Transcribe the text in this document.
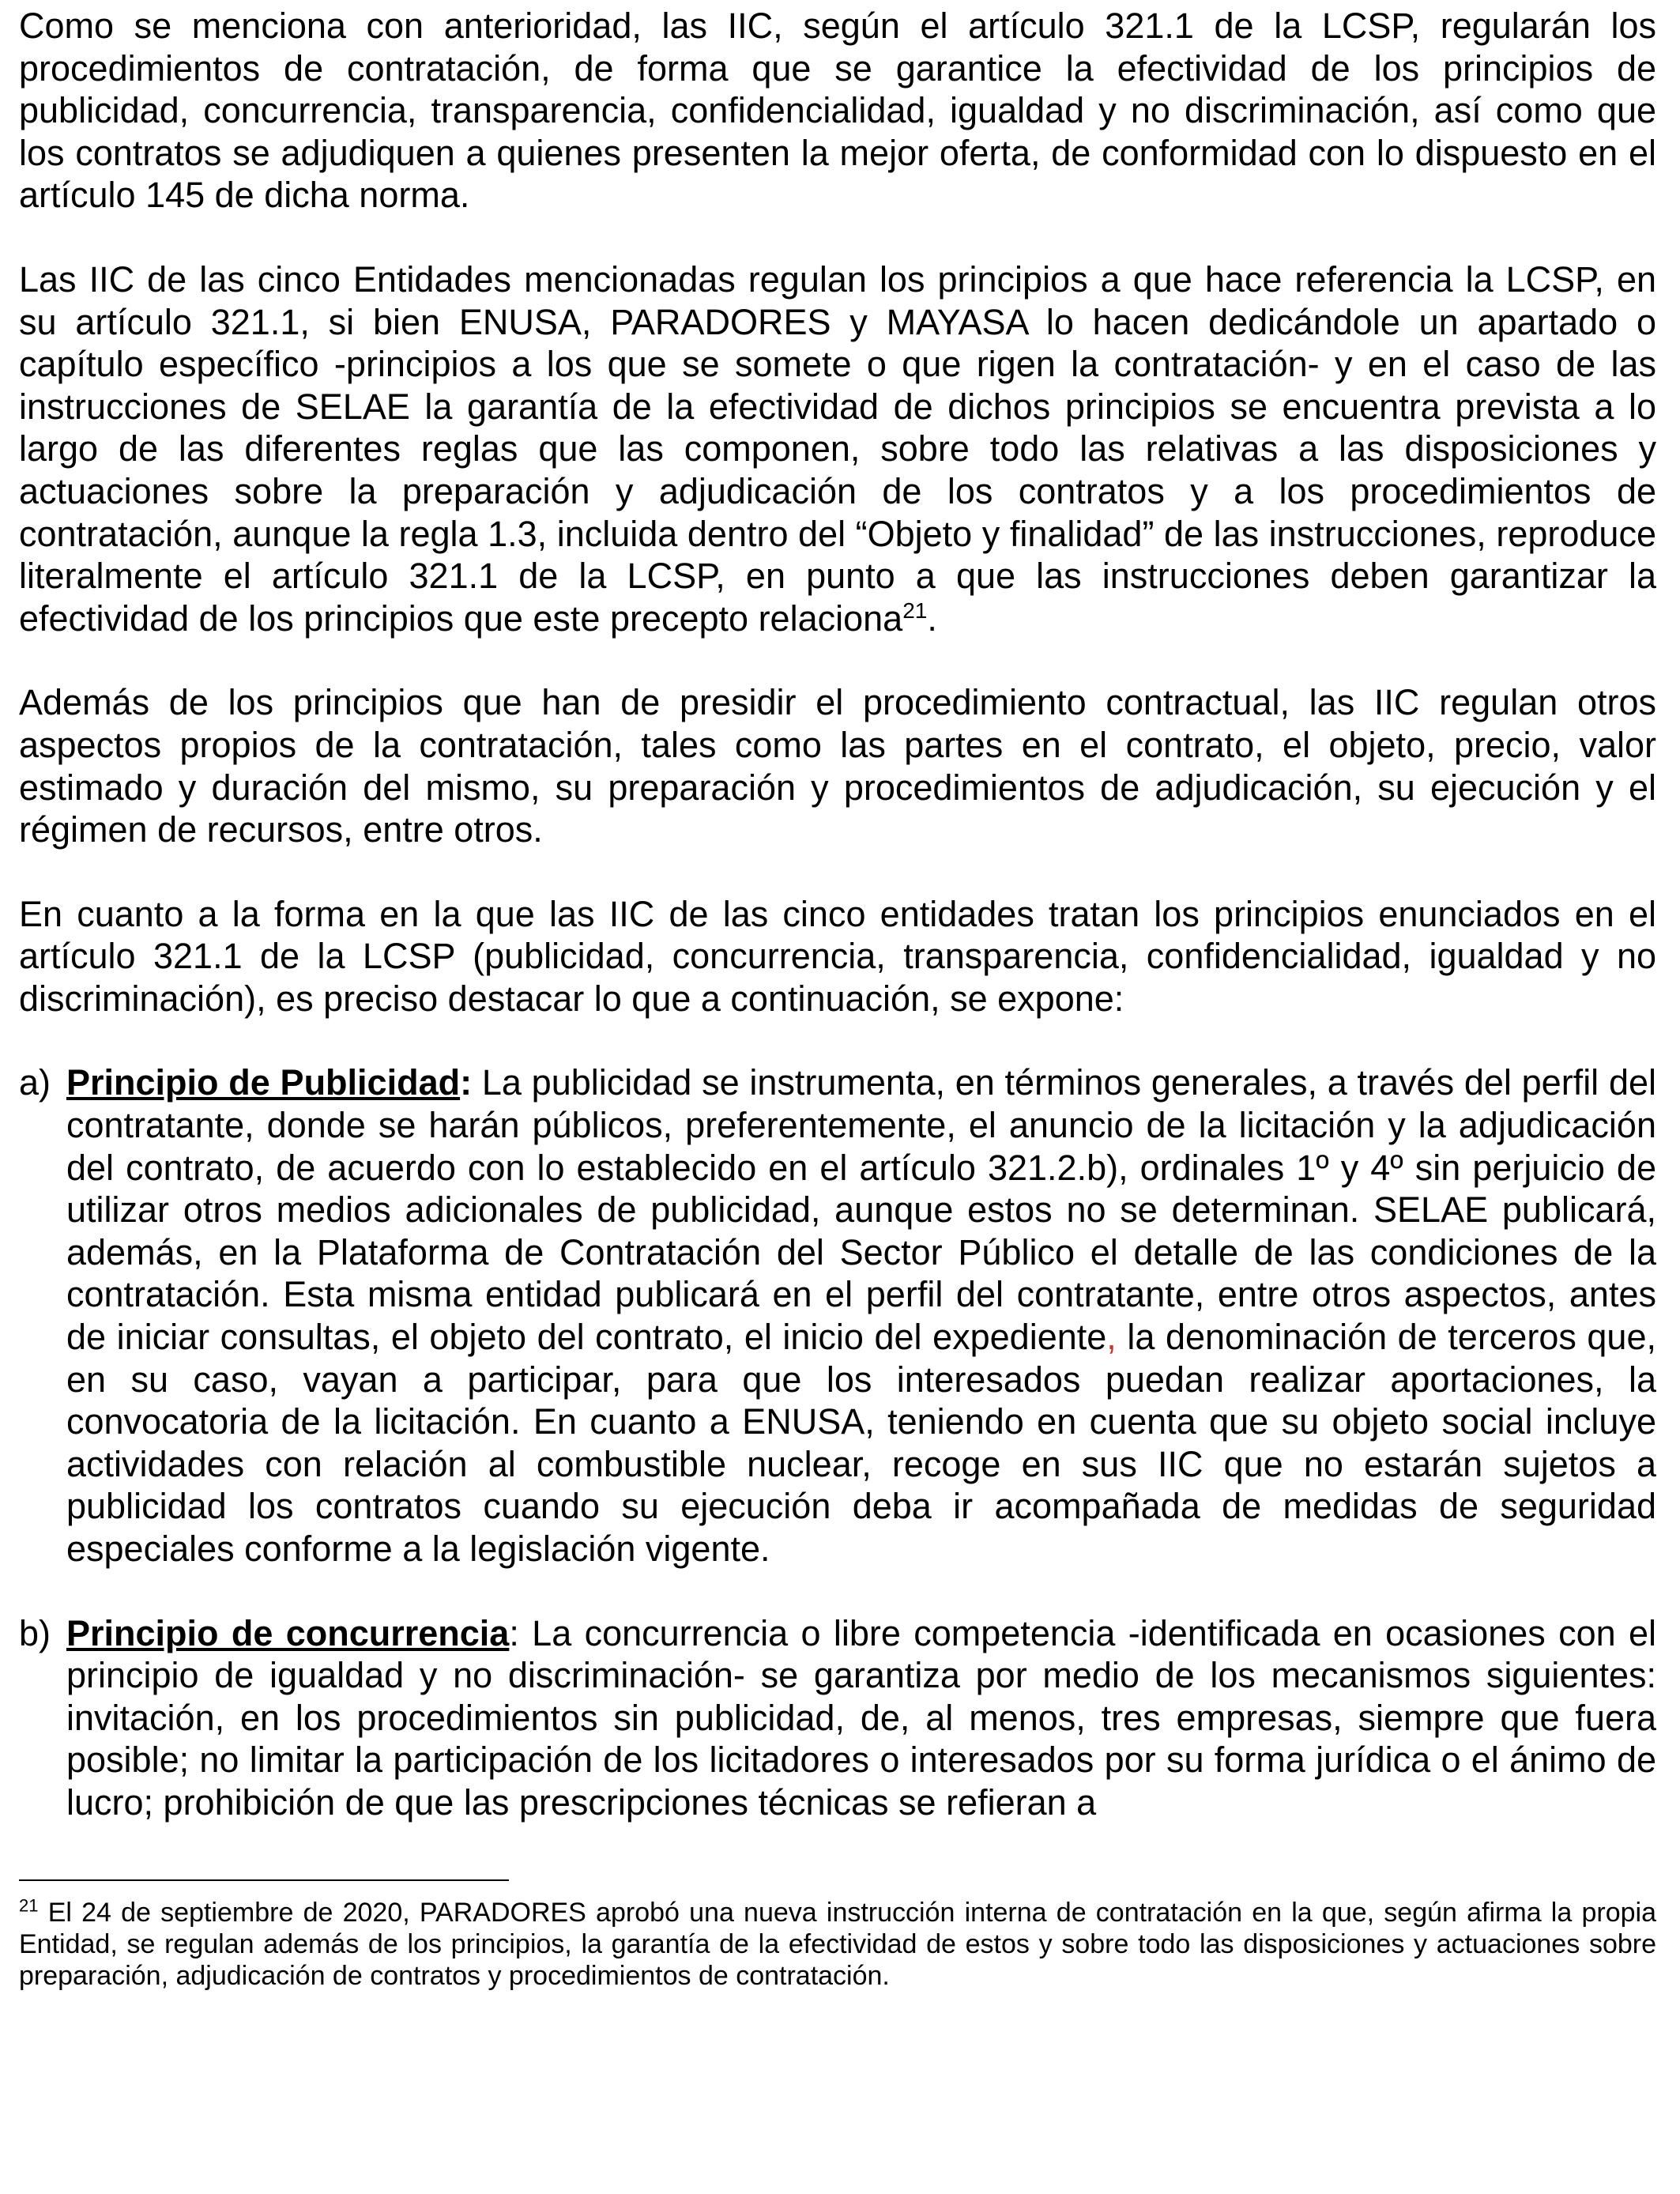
Como se menciona con anterioridad, las IIC, según el artículo 321.1 de la LCSP, regularán los procedimientos de contratación, de forma que se garantice la efectividad de los principios de publicidad, concurrencia, transparencia, confidencialidad, igualdad y no discriminación, así como que los contratos se adjudiquen a quienes presenten la mejor oferta, de conformidad con lo dispuesto en el artículo 145 de dicha norma.

Las IIC de las cinco Entidades mencionadas regulan los principios a que hace referencia la LCSP, en su artículo 321.1, si bien ENUSA, PARADORES y MAYASA lo hacen dedicándole un apartado o capítulo específico -principios a los que se somete o que rigen la contratación- y en el caso de las instrucciones de SELAE la garantía de la efectividad de dichos principios se encuentra prevista a lo largo de las diferentes reglas que las componen, sobre todo las relativas a las disposiciones y actuaciones sobre la preparación y adjudicación de los contratos y a los procedimientos de contratación, aunque la regla 1.3, incluida dentro del “Objeto y finalidad” de las instrucciones, reproduce literalmente el artículo 321.1 de la LCSP, en punto a que las instrucciones deben garantizar la efectividad de los principios que este precepto relaciona$^{21}$.

Además de los principios que han de presidir el procedimiento contractual, las IIC regulan otros aspectos propios de la contratación, tales como las partes en el contrato, el objeto, precio, valor estimado y duración del mismo, su preparación y procedimientos de adjudicación, su ejecución y el régimen de recursos, entre otros.

En cuanto a la forma en la que las IIC de las cinco entidades tratan los principios enunciados en el artículo 321.1 de la LCSP (publicidad, concurrencia, transparencia, confidencialidad, igualdad y no discriminación), es preciso destacar lo que a continuación, se expone:

a) Principio de Publicidad: La publicidad se instrumenta, en términos generales, a través del perfil del contratante, donde se harán públicos, preferentemente, el anuncio de la licitación y la adjudicación del contrato, de acuerdo con lo establecido en el artículo 321.2.b), ordinales 1º y 4º sin perjuicio de utilizar otros medios adicionales de publicidad, aunque estos no se determinan. SELAE publicará, además, en la Plataforma de Contratación del Sector Público el detalle de las condiciones de la contratación. Esta misma entidad publicará en el perfil del contratante, entre otros aspectos, antes de iniciar consultas, el objeto del contrato, el inicio del expediente, la denominación de terceros que, en su caso, vayan a participar, para que los interesados puedan realizar aportaciones, la convocatoria de la licitación. En cuanto a ENUSA, teniendo en cuenta que su objeto social incluye actividades con relación al combustible nuclear, recoge en sus IIC que no estarán sujetos a publicidad los contratos cuando su ejecución deba ir acompañada de medidas de seguridad especiales conforme a la legislación vigente.

b) Principio de concurrencia: La concurrencia o libre competencia -identificada en ocasiones con el principio de igualdad y no discriminación- se garantiza por medio de los mecanismos siguientes: invitación, en los procedimientos sin publicidad, de, al menos, tres empresas, siempre que fuera posible; no limitar la participación de los licitadores o interesados por su forma jurídica o el ánimo de lucro; prohibición de que las prescripciones técnicas se refieran a

$^{21}$ El 24 de septiembre de 2020, PARADORES aprobó una nueva instrucción interna de contratación en la que, según afirma la propia Entidad, se regulan además de los principios, la garantía de la efectividad de estos y sobre todo las disposiciones y actuaciones sobre preparación, adjudicación de contratos y procedimientos de contratación.
